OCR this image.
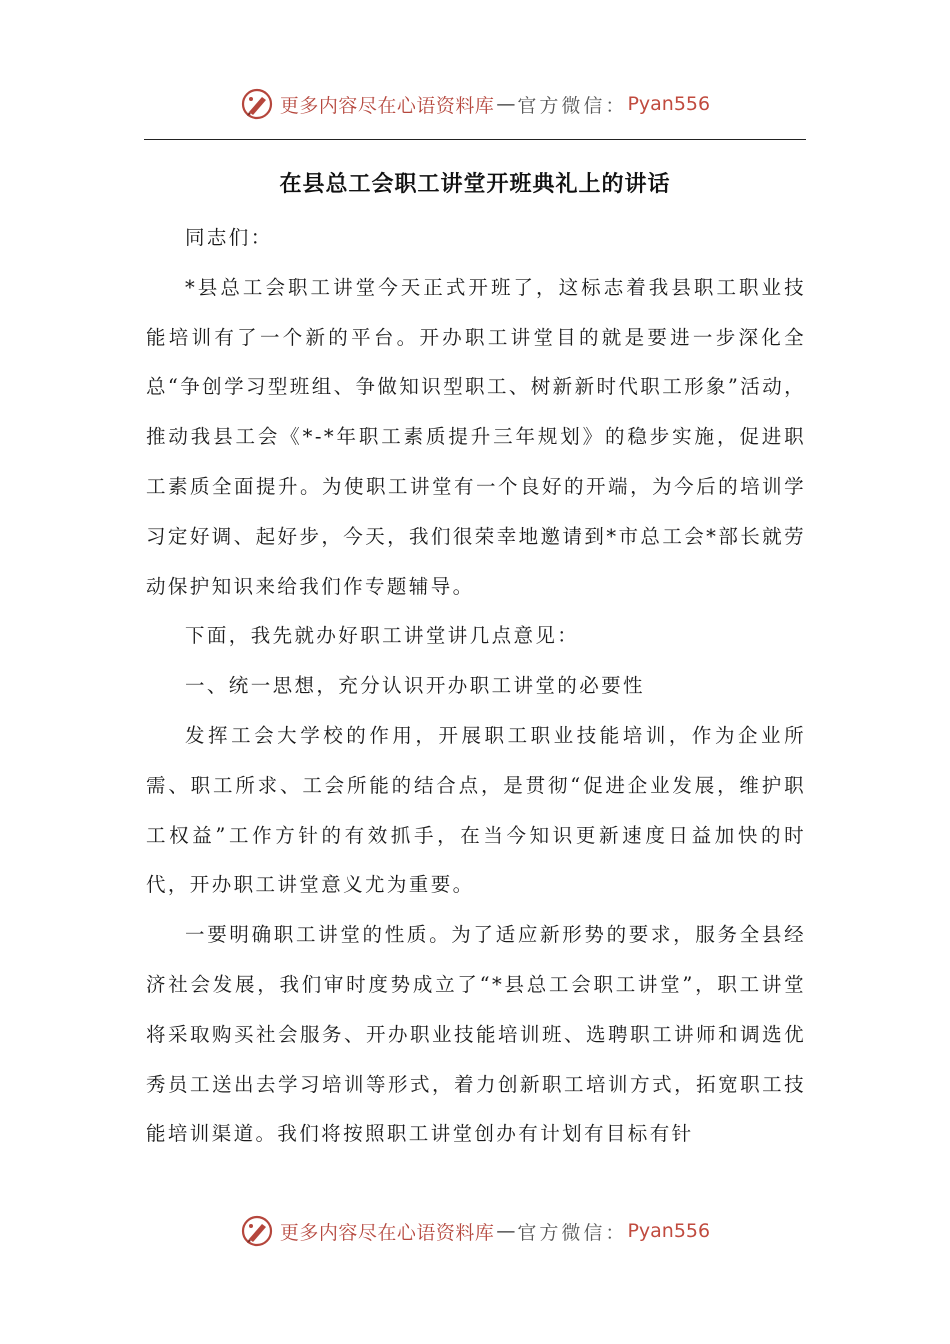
更多内容尽在心语资料库 — 官方微信： Pyan556
在县总工会职工讲堂开班典礼上的讲话

同志们：

*县总工会职工讲堂今天正式开班了，这标志着我县职工职业技能培训有了一个新的平台。开办职工讲堂目的就是要进一步深化全总“争创学习型班组、争做知识型职工、树新新时代职工形象”活动，推动我县工会《*-*年职工素质提升三年规划》的稳步实施，促进职工素质全面提升。为使职工讲堂有一个良好的开端，为今后的培训学习定好调、起好步，今天，我们很荣幸地邀请到*市总工会*部长就劳动保护知识来给我们作专题辅导。

下面，我先就办好职工讲堂讲几点意见：

一、统一思想，充分认识开办职工讲堂的必要性

发挥工会大学校的作用，开展职工职业技能培训，作为企业所需、职工所求、工会所能的结合点，是贯彻“促进企业发展，维护职工权益”工作方针的有效抓手，在当今知识更新速度日益加快的时代，开办职工讲堂意义尤为重要。

一要明确职工讲堂的性质。为了适应新形势的要求，服务全县经济社会发展，我们审时度势成立了“*县总工会职工讲堂”，职工讲堂将采取购买社会服务、开办职业技能培训班、选聘职工讲师和调选优秀员工送出去学习培训等形式，着力创新职工培训方式，拓宽职工技能培训渠道。我们将按照职工讲堂创办有计划有目标有针

更多内容尽在心语资料库 — 官方微信： Pyan556
